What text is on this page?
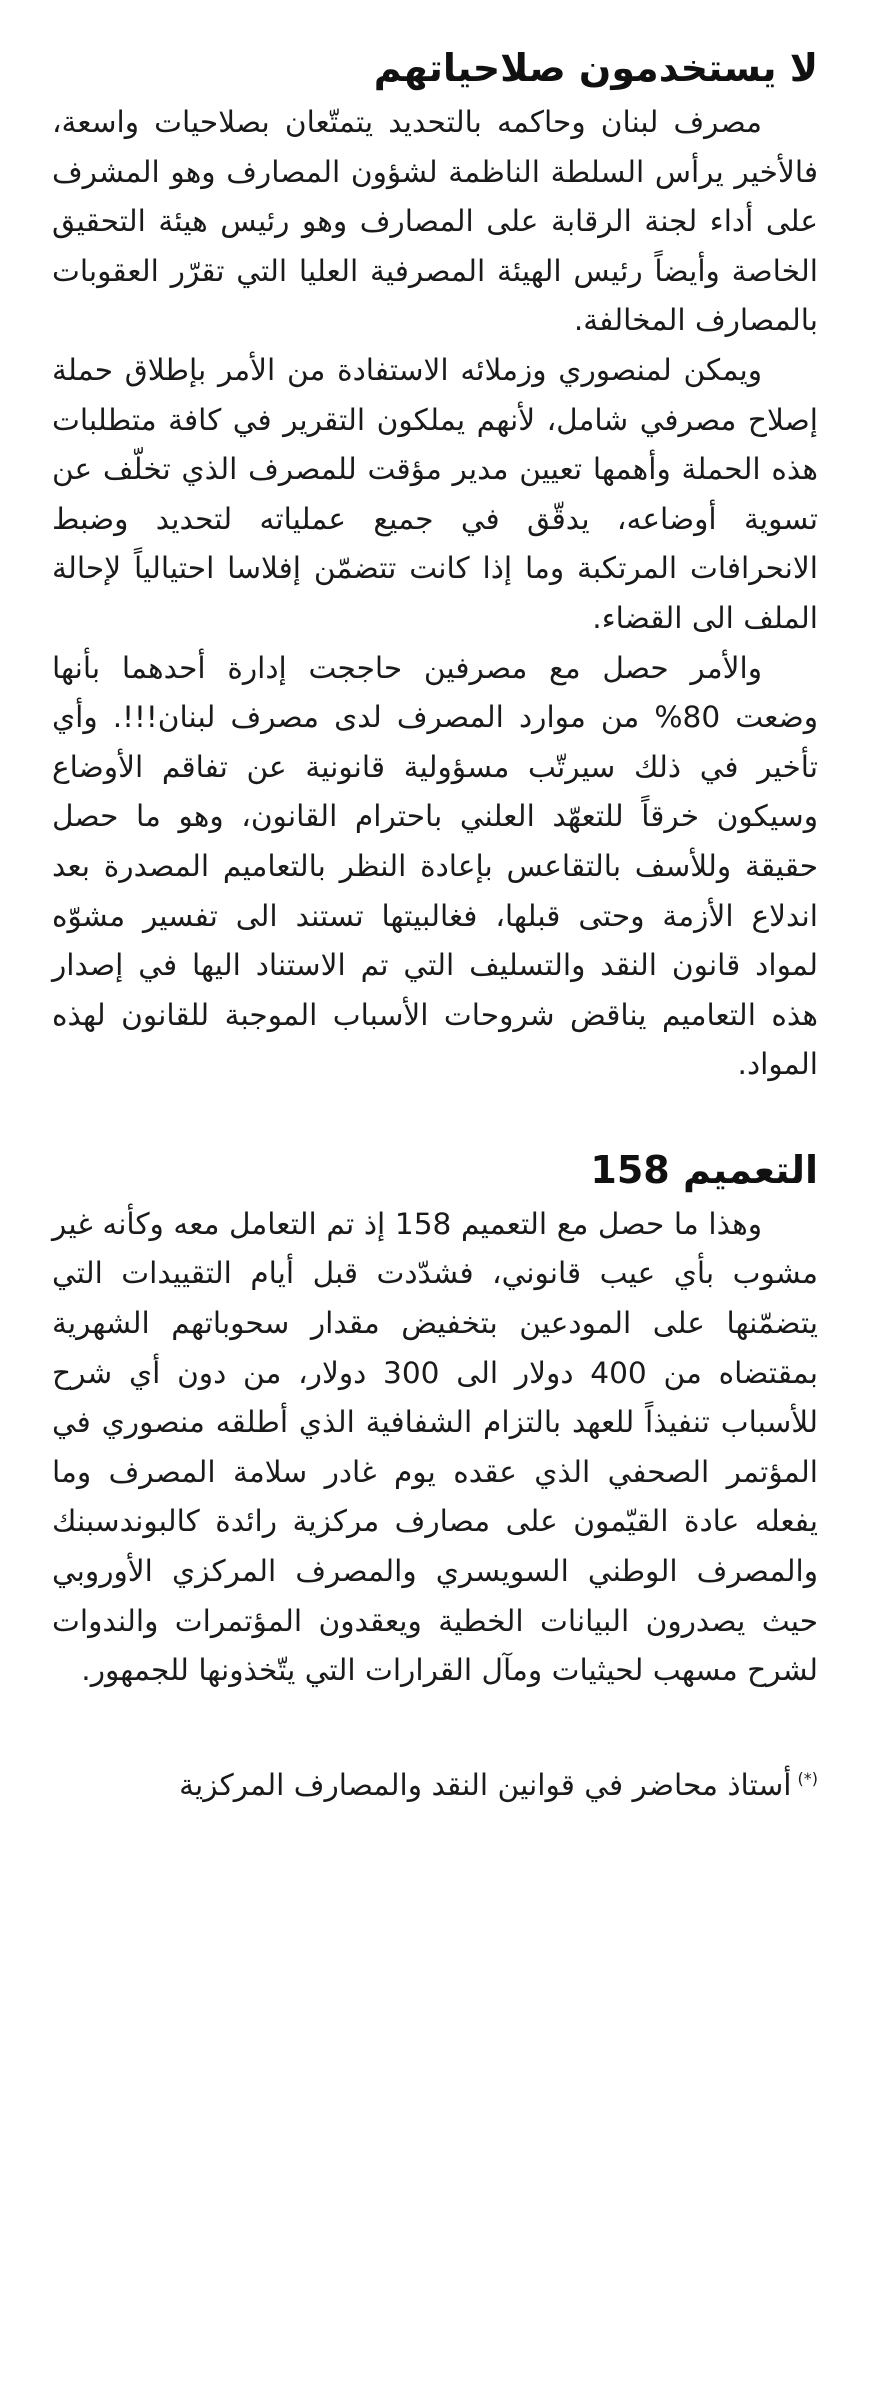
لا يستخدمون صلاحياتهم

مصرف لبنان وحاكمه بالتحديد يتمتّعان بصلاحيات واسعة، فالأخير يرأس السلطة الناظمة لشؤون المصارف وهو المشرف على أداء لجنة الرقابة على المصارف وهو رئيس هيئة التحقيق الخاصة وأيضاً رئيس الهيئة المصرفية العليا التي تقرّر العقوبات بالمصارف المخالفة.

ويمكن لمنصوري وزملائه الاستفادة من الأمر بإطلاق حملة إصلاح مصرفي شامل، لأنهم يملكون التقرير في كافة متطلبات هذه الحملة وأهمها تعيين مدير مؤقت للمصرف الذي تخلّف عن تسوية أوضاعه، يدقّق في جميع عملياته لتحديد وضبط الانحرافات المرتكبة وما إذا كانت تتضمّن إفلاسا احتيالياً لإحالة الملف الى القضاء.

والأمر حصل مع مصرفين حاججت إدارة أحدهما بأنها وضعت 80% من موارد المصرف لدى مصرف لبنان!!!. وأي تأخير في ذلك سيرتّب مسؤولية قانونية عن تفاقم الأوضاع وسيكون خرقاً للتعهّد العلني باحترام القانون، وهو ما حصل حقيقة وللأسف بالتقاعس بإعادة النظر بالتعاميم المصدرة بعد اندلاع الأزمة وحتى قبلها، فغالبيتها تستند الى تفسير مشوّه لمواد قانون النقد والتسليف التي تم الاستناد اليها في إصدار هذه التعاميم يناقض شروحات الأسباب الموجبة للقانون لهذه المواد.

التعميم 158

وهذا ما حصل مع التعميم 158 إذ تم التعامل معه وكأنه غير مشوب بأي عيب قانوني، فشدّدت قبل أيام التقييدات التي يتضمّنها على المودعين بتخفيض مقدار سحوباتهم الشهرية بمقتضاه من 400 دولار الى 300 دولار، من دون أي شرح للأسباب تنفيذاً للعهد بالتزام الشفافية الذي أطلقه منصوري في المؤتمر الصحفي الذي عقده يوم غادر سلامة المصرف وما يفعله عادة القيّمون على مصارف مركزية رائدة كالبوندسبنك والمصرف الوطني السويسري والمصرف المركزي الأوروبي حيث يصدرون البيانات الخطية ويعقدون المؤتمرات والندوات لشرح مسهب لحيثيات ومآل القرارات التي يتّخذونها للجمهور.

(*)أستاذ محاضر في قوانين النقد والمصارف المركزية
